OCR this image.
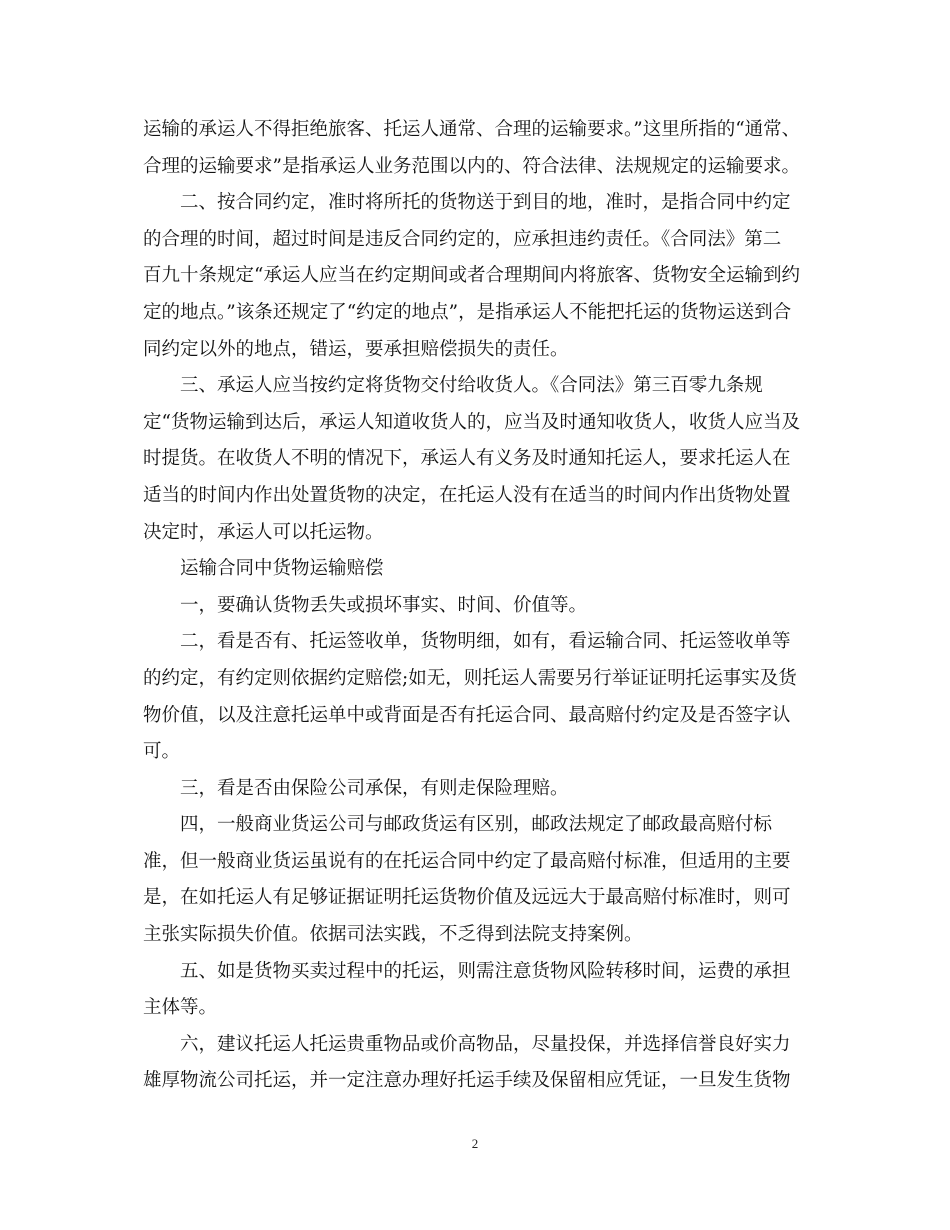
运输的承运人不得拒绝旅客、托运人通常、合理的运输要求。”这里所指的“通常、
合理的运输要求”是指承运人业务范围以内的、符合法律、法规规定的运输要求。
二、按合同约定，准时将所托的货物送于到目的地，准时，是指合同中约定
的合理的时间，超过时间是违反合同约定的，应承担违约责任。《合同法》第二
百九十条规定“承运人应当在约定期间或者合理期间内将旅客、货物安全运输到约
定的地点。”该条还规定了“约定的地点”，是指承运人不能把托运的货物运送到合
同约定以外的地点，错运，要承担赔偿损失的责任。
三、承运人应当按约定将货物交付给收货人。《合同法》第三百零九条规
定“货物运输到达后，承运人知道收货人的，应当及时通知收货人，收货人应当及
时提货。在收货人不明的情况下，承运人有义务及时通知托运人，要求托运人在
适当的时间内作出处置货物的决定，在托运人没有在适当的时间内作出货物处置
决定时，承运人可以托运物。
运输合同中货物运输赔偿
一，要确认货物丢失或损坏事实、时间、价值等。
二，看是否有、托运签收单，货物明细，如有，看运输合同、托运签收单等
的约定，有约定则依据约定赔偿;如无，则托运人需要另行举证证明托运事实及货
物价值，以及注意托运单中或背面是否有托运合同、最高赔付约定及是否签字认
可。
三，看是否由保险公司承保，有则走保险理赔。
四，一般商业货运公司与邮政货运有区别，邮政法规定了邮政最高赔付标
准，但一般商业货运虽说有的在托运合同中约定了最高赔付标准，但适用的主要
是，在如托运人有足够证据证明托运货物价值及远远大于最高赔付标准时，则可
主张实际损失价值。依据司法实践，不乏得到法院支持案例。
五、如是货物买卖过程中的托运，则需注意货物风险转移时间，运费的承担
主体等。
六，建议托运人托运贵重物品或价高物品，尽量投保，并选择信誉良好实力
雄厚物流公司托运，并一定注意办理好托运手续及保留相应凭证，一旦发生货物
2
